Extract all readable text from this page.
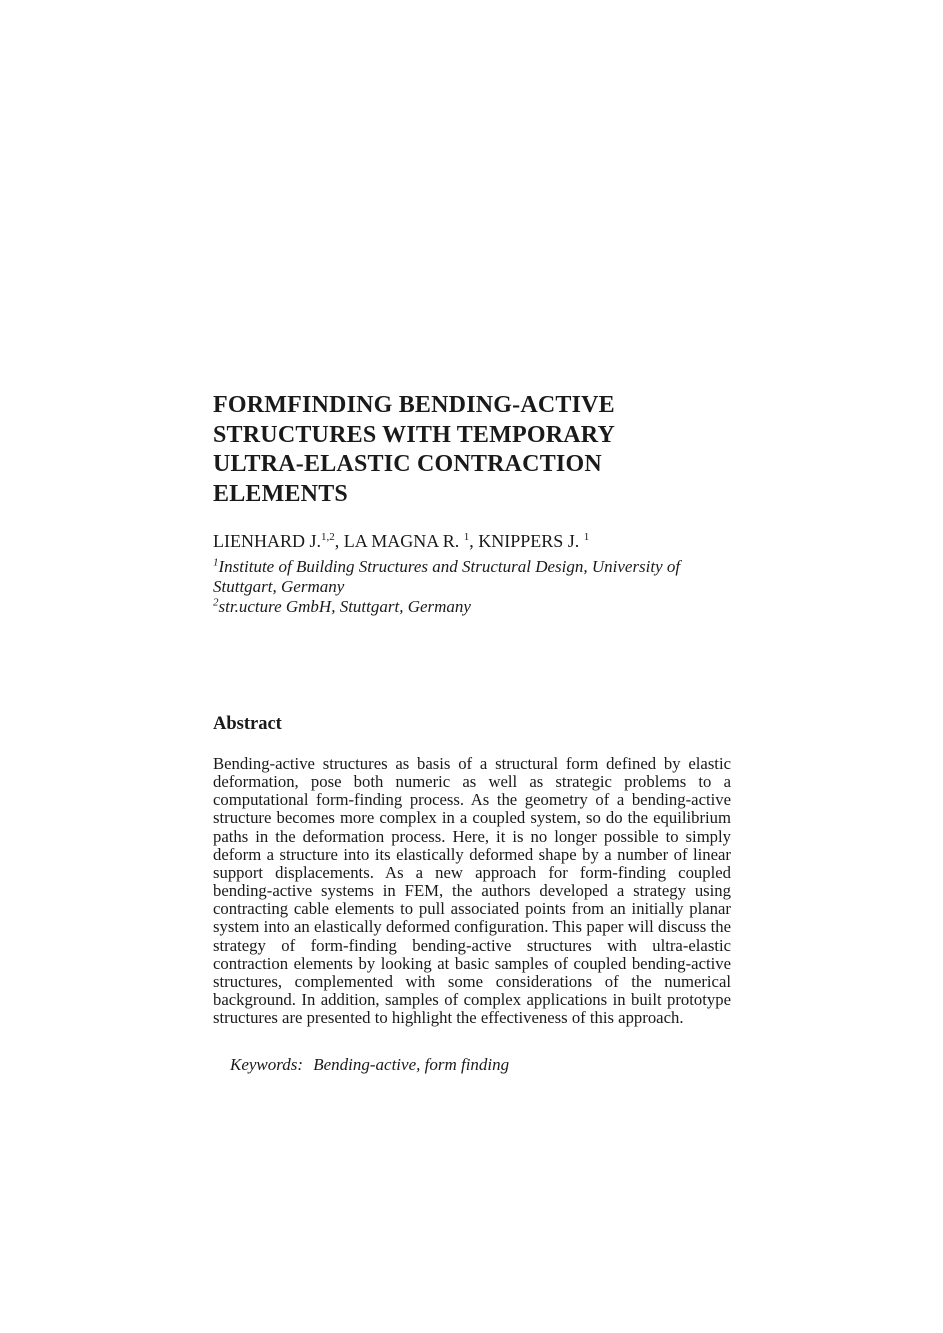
FORMFINDING BENDING-ACTIVE
STRUCTURES WITH TEMPORARY
ULTRA-ELASTIC CONTRACTION
ELEMENTS
LIENHARD J.$^{1,2}$, LA MAGNA R. $^1$, KNIPPERS J. $^1$
$^1$Institute of Building Structures and Structural Design, University of Stuttgart, Germany
$^2$str.ucture GmbH, Stuttgart, Germany
Abstract
Bending-active structures as basis of a structural form defined by elastic deformation, pose both numeric as well as strategic problems to a computational form-finding process. As the geometry of a bending-active structure becomes more complex in a coupled system, so do the equilibrium paths in the deformation process. Here, it is no longer possible to simply deform a structure into its elastically deformed shape by a number of linear support displacements. As a new approach for form-finding coupled bending-active systems in FEM, the authors developed a strategy using contracting cable elements to pull associated points from an initially planar system into an elastically deformed configuration. This paper will discuss the strategy of form-finding bending-active structures with ultra-elastic contraction elements by looking at basic samples of coupled bending-active structures, complemented with some considerations of the numerical background. In addition, samples of complex applications in built prototype structures are presented to highlight the effectiveness of this approach.

Keywords: Bending-active, form finding
